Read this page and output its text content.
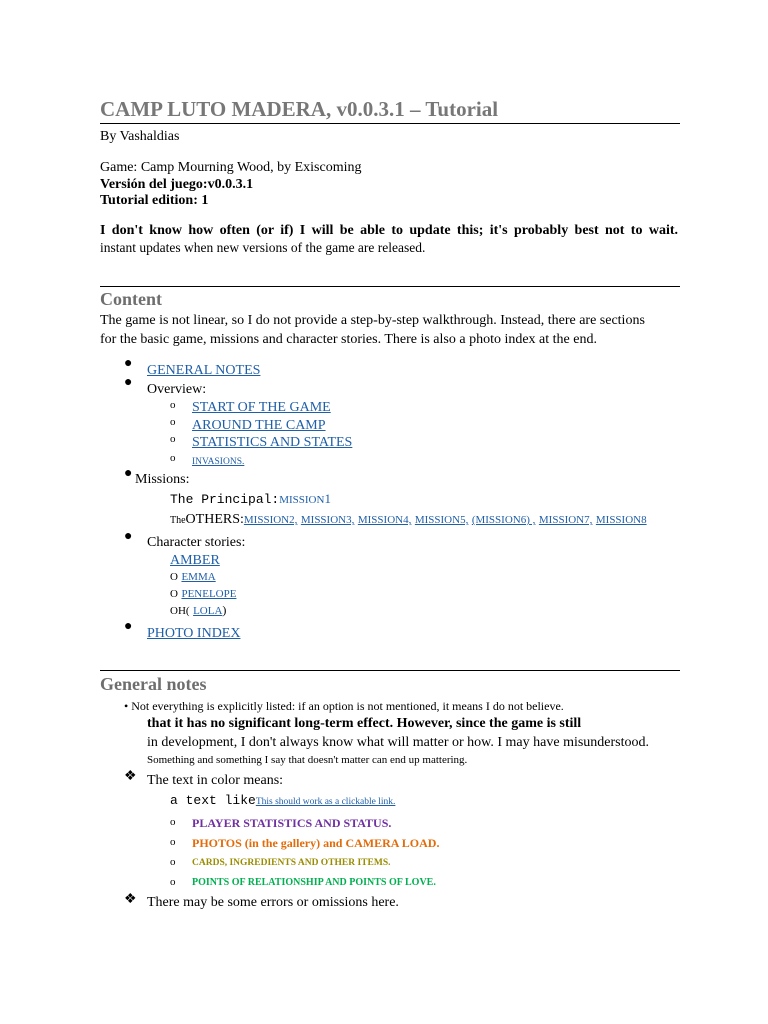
CAMP LUTO MADERA, v0.0.3.1 – Tutorial
By Vashaldias
Game: Camp Mourning Wood, by Exiscoming
Versión del juego:v0.0.3.1
Tutorial edition: 1
I don't know how often (or if) I will be able to update this; it's probably best not to wait.
instant updates when new versions of the game are released.
Content
The game is not linear, so I do not provide a step-by-step walkthrough. Instead, there are sections
for the basic game, missions and character stories. There is also a photo index at the end.
● GENERAL NOTES
● Overview:
o START OF THE GAME
o AROUND THE CAMP
o STATISTICS AND STATES
o INVASIONS.
● Missions:
The Principal:MISSION1
TheOTHERS:MISSION2, MISSION3, MISSION4, MISSION5, (MISSION6) , MISSION7, MISSION8
● Character stories:
AMBER
O EMMA
O PENELOPE
OH( LOLA)
● PHOTO INDEX
General notes
• Not everything is explicitly listed: if an option is not mentioned, it means I do not believe.
that it has no significant long-term effect. However, since the game is still
in development, I don't always know what will matter or how. I may have misunderstood.
Something and something I say that doesn't matter can end up mattering.
❖ The text in color means:
a text likeThis should work as a clickable link.
o PLAYER STATISTICS AND STATUS.
o PHOTOS (in the gallery) and CAMERA LOAD.
o CARDS, INGREDIENTS AND OTHER ITEMS.
o POINTS OF RELATIONSHIP AND POINTS OF LOVE.
❖ There may be some errors or omissions here.
